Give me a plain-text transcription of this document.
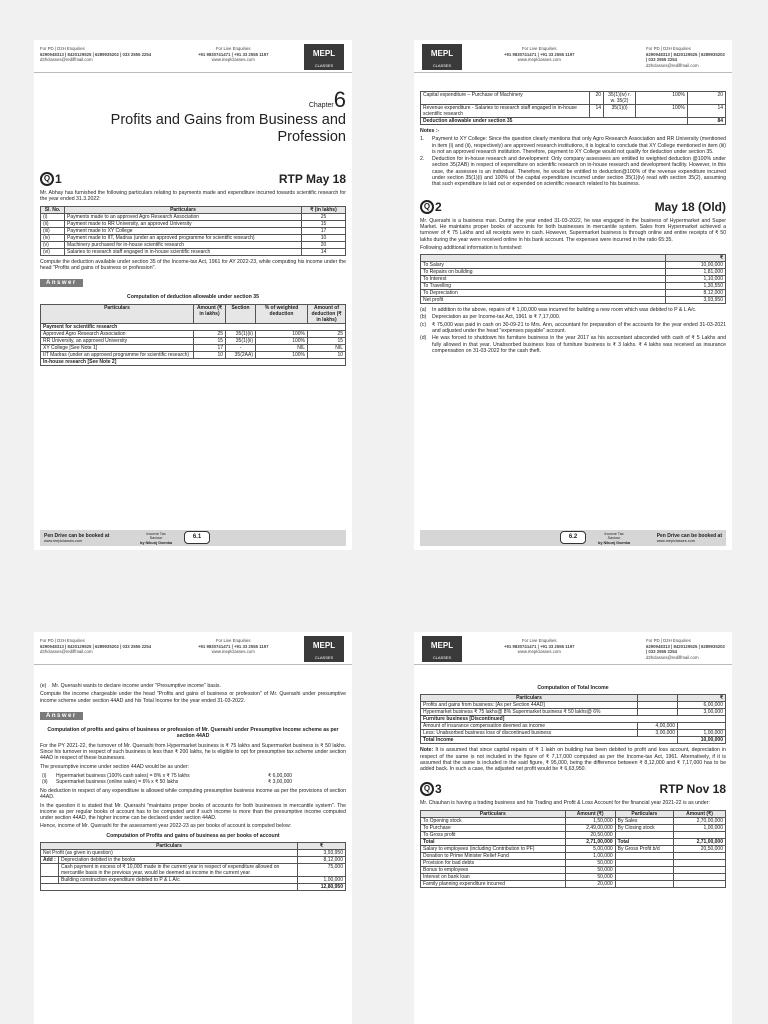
For PD | D2H Enquiries
6290948313 | 8420129525 | 6289935202 | 033 2555 2254
d2hclasses@rediffmail.com
For Live Enquiries
+91 9830741471 | +91 33 2555 1197
www.meplclasses.com
MEPL
CLASSES
Chapter6
Profits and Gains from Business and Profession
Q 1	RTP May 18

Mr. Abhay has furnished the following particulars relating to payments made and expenditure incurred towards scientific research for the year ended 31.3.2022:

Sl. No.	Particulars	₹ (in lakhs)
(i)	Payments made to an approved Agro Research Association	25
(ii)	Payment made to RR University, an approved University	15
(iii)	Payment made to XY College	17
(iv)	Payment made to IIT, Madras (under an approved programme for scientific research)	10
(v)	Machinery purchased for in-house scientific research	20
(vi)	Salaries to research staff engaged in in-house scientific research	14

Compute the deduction available under section 35 of the Income-tax Act, 1961 for AY 2022-23, while computing his income under the head "Profits and gains of business or profession".

Answer
Computation of deduction allowable under section 35
Particulars	Amount (₹ in lakhs)	Section	% of weighted deduction	Amount of deduction (₹ in lakhs)
Payment for scientific research				
Approved Agro Research Association	25	35(1)(ii)	100%	25
RR University, an approved University	15	35(1)(ii)	100%	15
XY College [See Note 1]	17	-	NIL	NIL
IIT Madras (under an approved programme for scientific research)	10	35(2AA)	100%	10
In-house research [See Note 2]				
Pen Drive can be booked at
www.meplclasses.com
Income Tax
Saviour
by Nikunj Goenka
6.1
MEPL
CLASSES
For Live Enquiries
+91 9830741471 | +91 33 2555 1197
www.meplclasses.com
For PD | D2H Enquiries
6290948313 | 8420129525 | 6289935202 | 033 2555 2254
d2hclasses@rediffmail.com
Capital expenditure – Purchase of Machinery	20	35(1)(iv) r. w. 35(2)	100%	20
Revenue expenditure - Salaries to research staff engaged in in-house scientific research	14	35(1)(i)	100%	14
Deduction allowable under section 35				84

Notes :-

1.	Payment to XY College: Since the question clearly mentions that only Agro Research Association and RR University (mentioned in item (i) and (ii), respectively) are approved research institutions, it is logical to conclude that XY College mentioned in item (iii) is not an approved research institution. Therefore, payment to XY College would not qualify for deduction under section 35.
2.	Deduction for in-house research and development: Only company assessees are entitled to weighted deduction @100% under section 35(2AB) in respect of expenditure on scientific research on in-house research and development facility. However, in this case, the assessee is an individual. Therefore, he would be entitled to deduction@100% of the revenue expenditure incurred under section 35(1)(i) and 100% of the capital expenditure incurred under section 35(1)(iv) read with section 35(2), assuming that such expenditure is laid out or expended on scientific research related to his business.
Q 2	May 18 (Old)

Mr. Querashi is a business man. During the year ended 31-03-2022, he was engaged in the business of Hypermarket and Super Market. He maintains proper books of accounts for both businesses in mercantile system. Sales from Hypermarket achieved a turnover of ₹ 75 Lakhs and all receipts were in cash. However, Supermarket business is through online and entire receipts of ₹ 50 lakhs during the year were received online in his bank account. The expenses were incurred in the ratio 65:35.

Following additional information is furnished:

	₹
To Salary	10,00,000
To Repairs on building	1,81,000
To Interest	1,10,000
To Travelling	1,30,550
To Depreciation	8,12,000
Net profit	3,93,950
(a)	In addition to the above, repairs of ₹ 1,00,000 was incurred for building a new room which was debited to P & L A/c.
(b)	Depreciation as per Income-tax Act, 1961 is ₹ 7,17,000.
(c)	₹ 75,000 was paid in cash on 30-09-21 to Mrs. Ann, accountant for preparation of the accounts for the year ended 31-03-2021 and adjusted under the head "expenses payable" account.
(d)	He was forced to shutdown his furniture business in the year 2017 as his accountant absconded with cash of ₹ 5 Lakhs and fully allowed in that year. Unabsorbed business loss of furniture business is ₹ 3 lakhs. ₹ 4 lakhs was received as insurance compensation on 31-03-2022 for the cash theft.
Pen Drive can be booked at
www.meplclasses.com
Income Tax
Saviour
by Nikunj Goenka
6.2
For PD | D2H Enquiries
6290948313 | 8420129525 | 6289935202 | 033 2555 2254
d2hclasses@rediffmail.com
For Live Enquiries
+91 9830741471 | +91 33 2555 1197
www.meplclasses.com
MEPL
CLASSES
(e)	Mr. Querashi wants to declare income under "Presumptive income" basis.

Compute the income chargeable under the head "Profits and gains of business or profession" of Mr. Querashi under presumptive income scheme under section 44AD and his Total Income for the year ended 31-03-2022.

Answer
Computation of profits and gains of business or profession of Mr. Querashi under Presumptive Income scheme as per section 44AD

For the PY 2021-22, the turnover of Mr. Querashi from Hypermarket business is ₹ 75 lakhs and Supermarket business is ₹ 50 lakhs. Since his turnover in respect of such business is less than ₹ 200 lakhs, he is eligible to opt for presumptive tax scheme under section 44AD in respect of these businesses.

The presumptive income under section 44AD would be as under:

(i)	Hypermarket business (100% cash sales) = 8% x ₹ 75 lakhs	₹ 6,00,000
(ii)	Supermarket business (online sales) = 6% x ₹ 50 lakhs	₹ 3,00,000

No deduction in respect of any expenditure is allowed while computing presumptive business income as per the provisions of section 44AD.

In the question it is stated that Mr. Querashi "maintains proper books of accounts for both businesses in mercantile system". The income as per regular books of account has to be computed and if such income is more than the presumptive income computed under section 44AD, the higher income can be declared under section 44AD.

Hence, income of Mr. Querashi for the assessment year 2022-23 as per books of account is computed below:

Computation of Profits and gains of business as per books of account
Particulars		₹
Net Profit (as given in question)		3,93,950
Add :	Depreciation debited in the books	8,12,000
	Cash payment in excess of ₹ 10,000 made in the current year in respect of expenditure allowed on mercantile basis in the previous year, would be deemed as income in the current year	75,000
	Building construction expenditure debited to P & L A/c	1,00,000
		12,80,950
MEPL
CLASSES
For Live Enquiries
+91 9830741471 | +91 33 2555 1197
www.meplclasses.com
For PD | D2H Enquiries
6290948313 | 8420129525 | 6289935202 | 033 2555 2254
d2hclasses@rediffmail.com
Computation of Total Income
Particulars		₹
Profits and gains from business: [As per Section 44AD]		6,00,000
Hypermarket business ₹ 75 lakhs@ 8% Supermarket business ₹ 50 lakhs@ 6%		3,00,000
Furniture business [Discontinued]		
Amount of insurance compensation deemed as income	4,00,000	
Less: Unabsorbed business loss of discontinued business	3,00,000	1,00,000
Total Income		10,00,000

Note: It is assumed that since capital repairs of ₹ 1 lakh on building has been debited to profit and loss account, depreciation in respect of the same is not included in the figure of ₹ 7,17,000 computed as per the Income-tax Act, 1961. Alternatively, if it is assumed that the same is included in the said figure, ₹ 95,000, being the difference between ₹ 8,12,000 and ₹ 7,17,000 has to be added back. In such a case, the adjusted net profit would be ₹ 6,63,950.

Q 3	RTP Nov 18

Mr. Chauhan is having a trading business and his Trading and Profit & Loss Account for the financial year 2021-22 is as under:

Particulars	Amount (₹)	Particulars	Amount (₹)
To Opening stock	1,50,000	By Sales	2,70,00,000
To Purchase	2,49,00,000	By Closing stock	1,00,000
To Gross profit	20,50,000		
Total	2,71,00,000	Total	2,71,00,000
Salary to employees (including Contribution to PF)	5,00,000	By Gross Profit b/d	20,50,000
Donation to Prime Minister Relief Fund	1,00,000		
Provision for bad debts	50,000		
Bonus to employees	50,000		
Interest on bank loan	50,000		
Family planning expenditure incurred	20,000		
